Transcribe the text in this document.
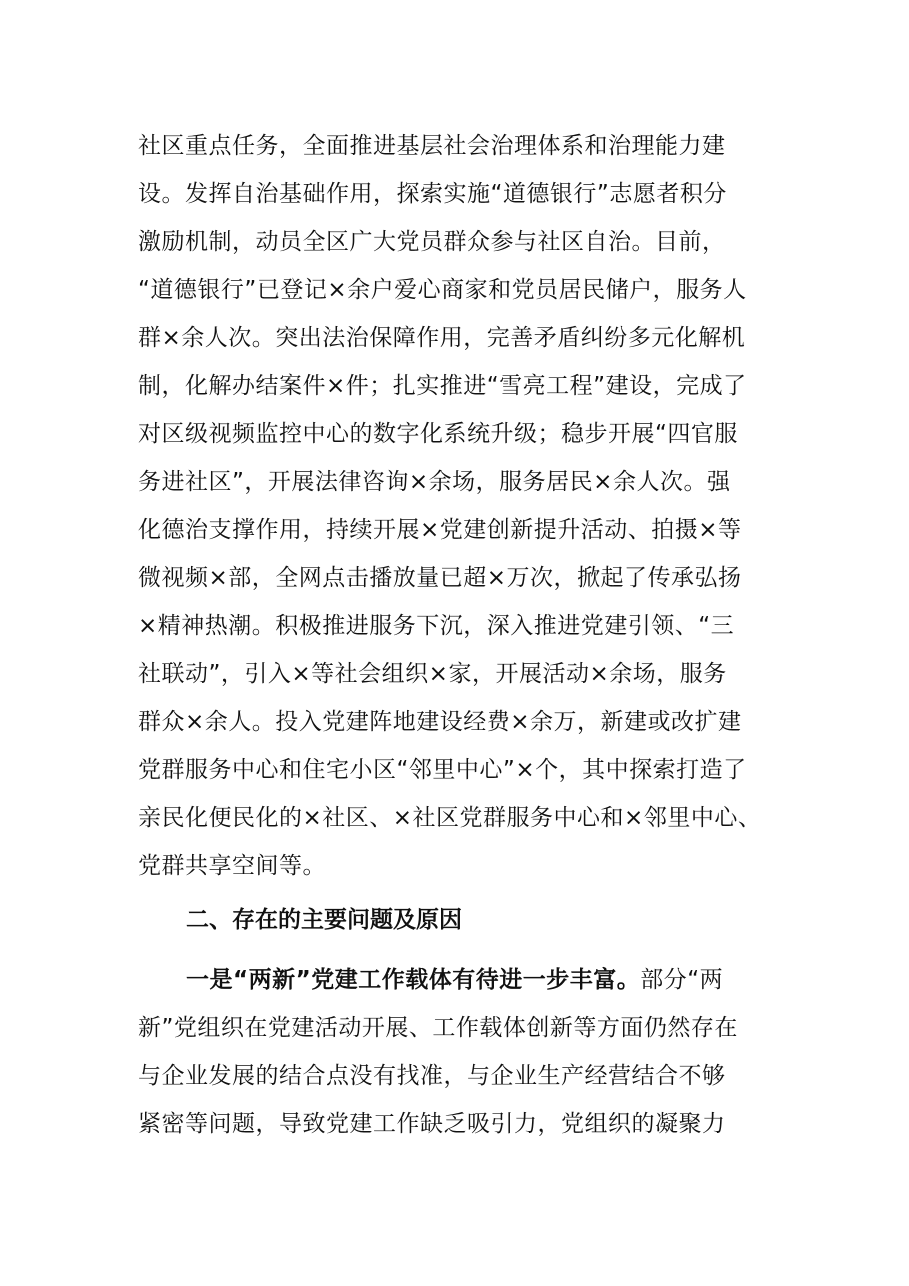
社区重点任务，全面推进基层社会治理体系和治理能力建
设。发挥自治基础作用，探索实施“道德银行”志愿者积分
激励机制，动员全区广大党员群众参与社区自治。目前，
“道德银行”已登记×余户爱心商家和党员居民储户，服务人
群×余人次。突出法治保障作用，完善矛盾纠纷多元化解机
制，化解办结案件×件；扎实推进“雪亮工程”建设，完成了
对区级视频监控中心的数字化系统升级；稳步开展“四官服
务进社区”，开展法律咨询×余场，服务居民×余人次。强
化德治支撑作用，持续开展×党建创新提升活动、拍摄×等
微视频×部，全网点击播放量已超×万次，掀起了传承弘扬
×精神热潮。积极推进服务下沉，深入推进党建引领、“三
社联动”，引入×等社会组织×家，开展活动×余场，服务
群众×余人。投入党建阵地建设经费×余万，新建或改扩建
党群服务中心和住宅小区“邻里中心”×个，其中探索打造了
亲民化便民化的×社区、×社区党群服务中心和×邻里中心、
党群共享空间等。
二、存在的主要问题及原因
一是“两新”党建工作载体有待进一步丰富。部分“两
新”党组织在党建活动开展、工作载体创新等方面仍然存在
与企业发展的结合点没有找准，与企业生产经营结合不够
紧密等问题，导致党建工作缺乏吸引力，党组织的凝聚力
